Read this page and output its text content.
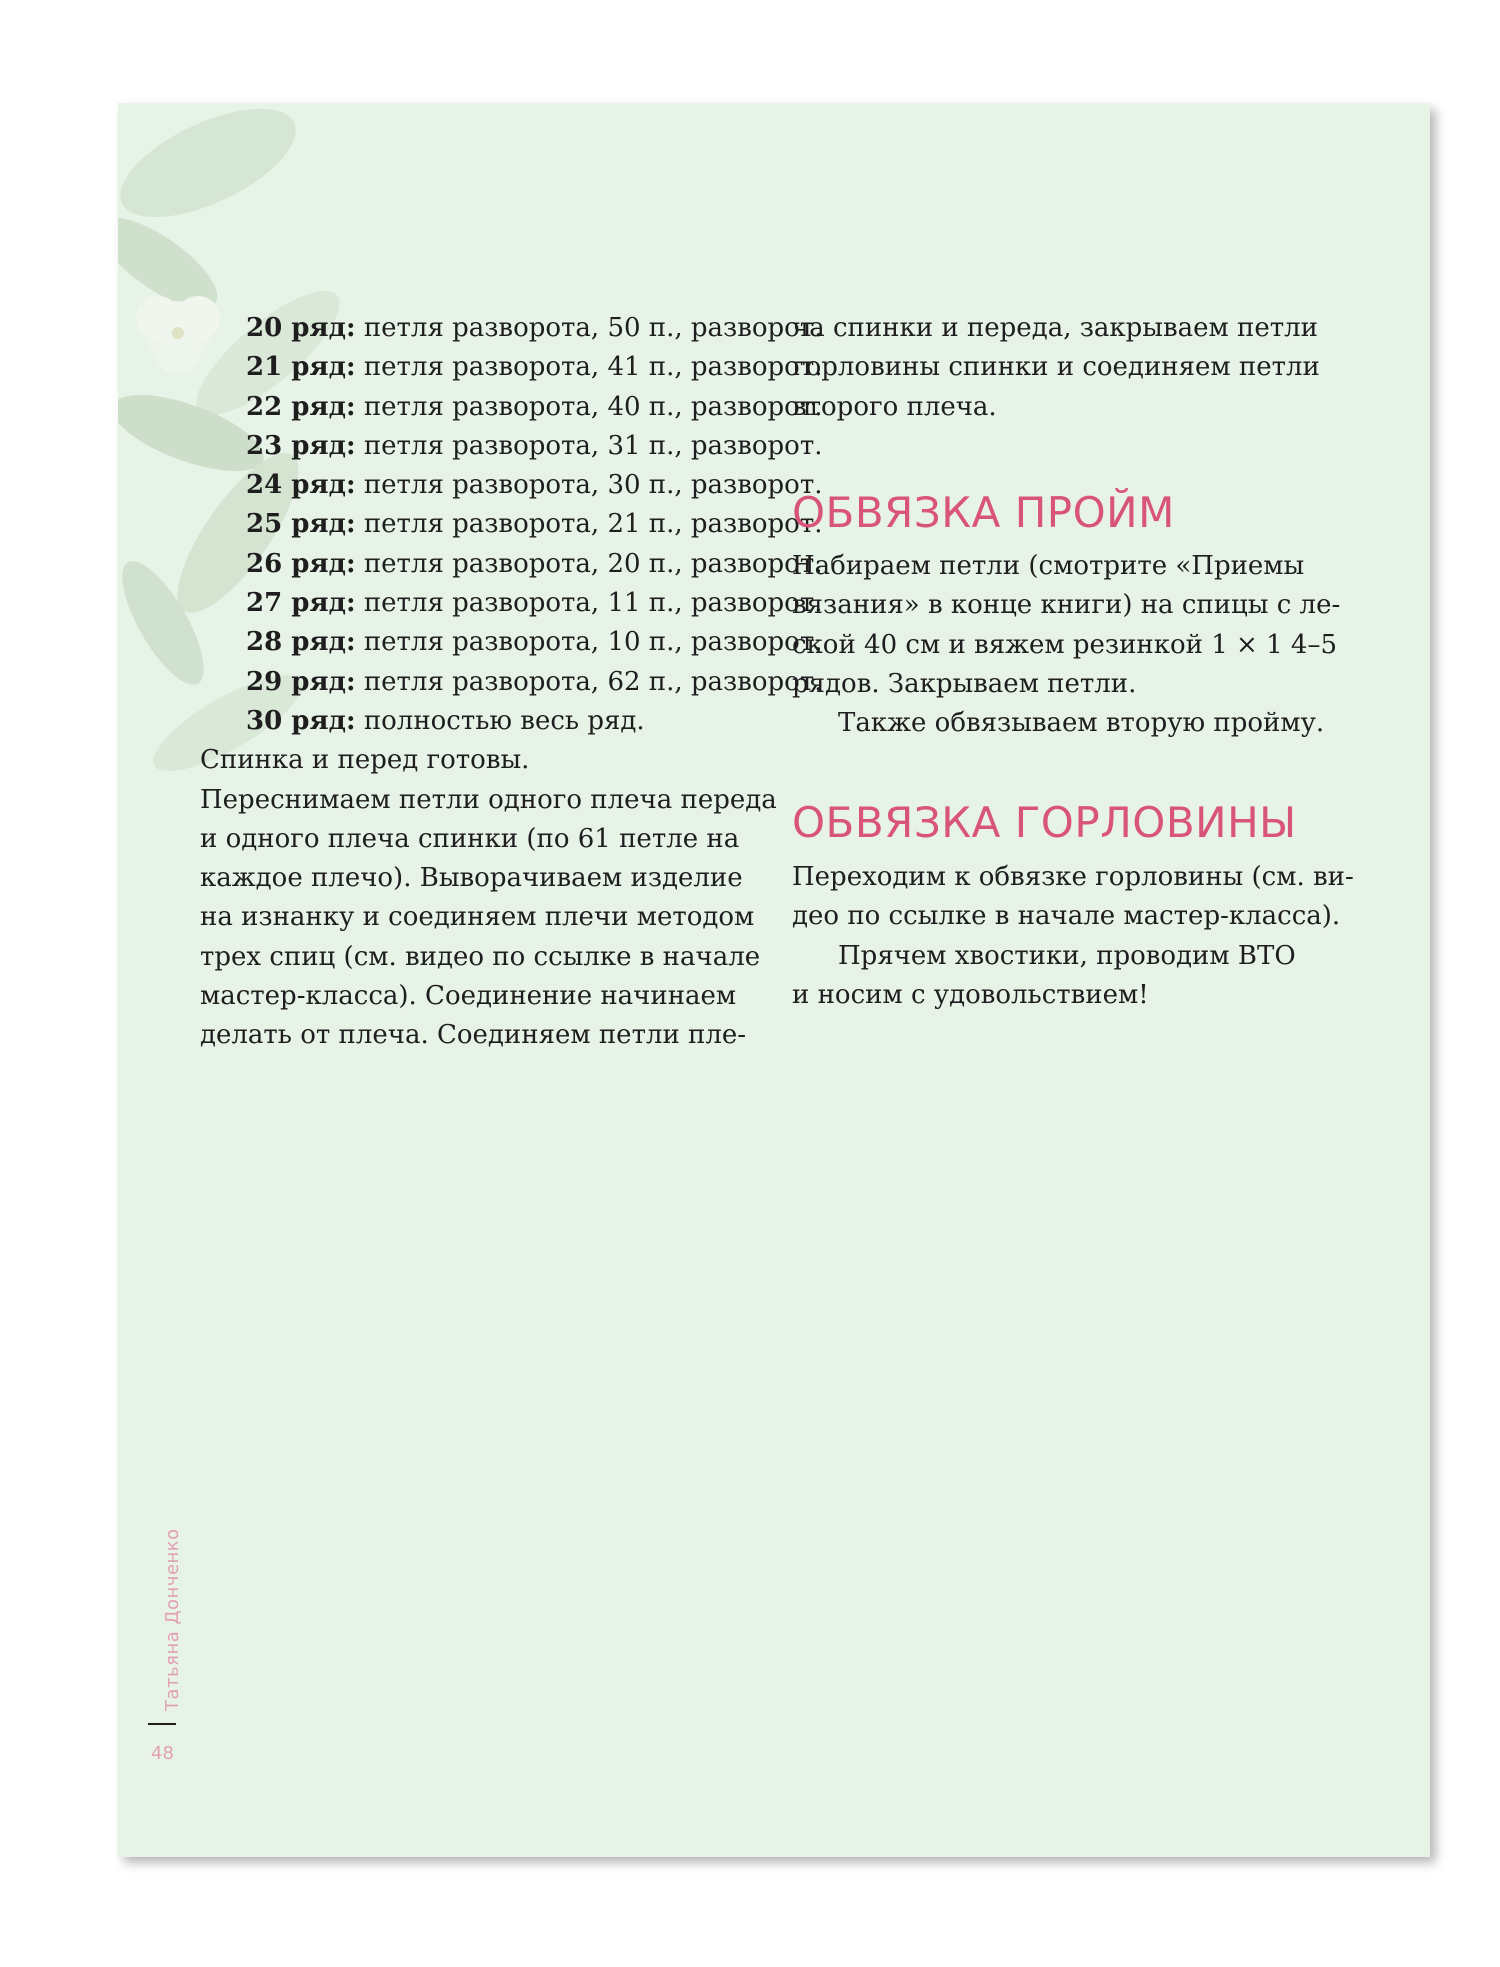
20 ряд: петля разворота, 50 п., разворот.
21 ряд: петля разворота, 41 п., разворот.
22 ряд: петля разворота, 40 п., разворот.
23 ряд: петля разворота, 31 п., разворот.
24 ряд: петля разворота, 30 п., разворот.
25 ряд: петля разворота, 21 п., разворот.
26 ряд: петля разворота, 20 п., разворот.
27 ряд: петля разворота, 11 п., разворот.
28 ряд: петля разворота, 10 п., разворот.
29 ряд: петля разворота, 62 п., разворот.
30 ряд: полностью весь ряд.
Спинка и перед готовы.
Переснимаем петли одного плеча переда
и одного плеча спинки (по 61 петле на
каждое плечо). Выворачиваем изделие
на изнанку и соединяем плечи методом
трех спиц (см. видео по ссылке в начале
мастер-класса). Соединение начинаем
делать от плеча. Соединяем петли пле-
ча спинки и переда, закрываем петли
горловины спинки и соединяем петли
второго плеча.
ОБВЯЗКА ПРОЙМ
Набираем петли (смотрите «Приемы
вязания» в конце книги) на спицы с ле-
ской 40 см и вяжем резинкой 1 × 1 4–5
рядов. Закрываем петли.
Также обвязываем вторую пройму.
ОБВЯЗКА ГОРЛОВИНЫ
Переходим к обвязке горловины (см. ви-
део по ссылке в начале мастер-класса).
Прячем хвостики, проводим ВТО
и носим с удовольствием!
Татьяна Донченко
48
